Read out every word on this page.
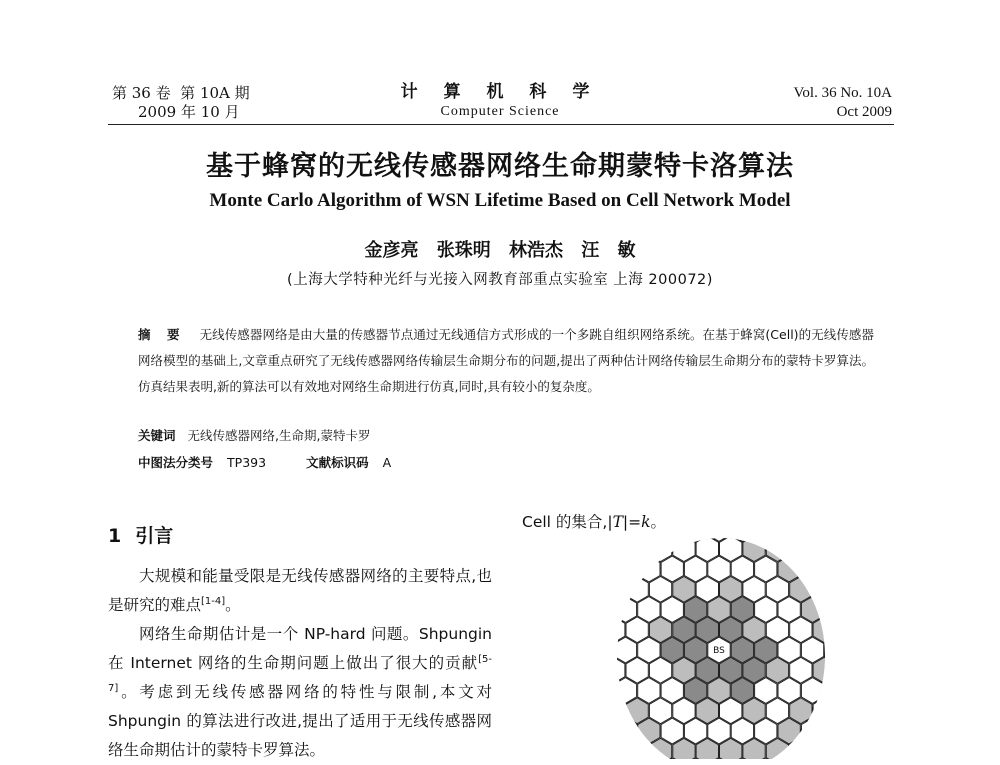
第 36 卷 第 10A 期
2009 年 10 月
计 算 机 科 学
Computer Science
Vol. 36 No. 10A
Oct 2009
基于蜂窝的无线传感器网络生命期蒙特卡洛算法
Monte Carlo Algorithm of WSN Lifetime Based on Cell Network Model
金彦亮 张珠明 林浩杰 汪 敏
(上海大学特种光纤与光接入网教育部重点实验室 上海 200072)
摘 要 无线传感器网络是由大量的传感器节点通过无线通信方式形成的一个多跳自组织网络系统。在基于蜂窝(Cell)的无线传感器网络模型的基础上,文章重点研究了无线传感器网络传输层生命期分布的问题,提出了两种估计网络传输层生命期分布的蒙特卡罗算法。仿真结果表明,新的算法可以有效地对网络生命期进行仿真,同时,具有较小的复杂度。
关键词 无线传感器网络,生命期,蒙特卡罗
中图法分类号 TP393	文献标识码 A
1 引言

大规模和能量受限是无线传感器网络的主要特点,也是研究的难点[1-4]。

网络生命期估计是一个 NP-hard 问题。Shpungin 在 Internet 网络的生命期问题上做出了很大的贡献[5-7]。考虑到无线传感器网络的特性与限制,本文对 Shpungin 的算法进行改进,提出了适用于无线传感器网络生命期估计的蒙特卡罗算法。

Cell 的集合,|T|=k。
BS
